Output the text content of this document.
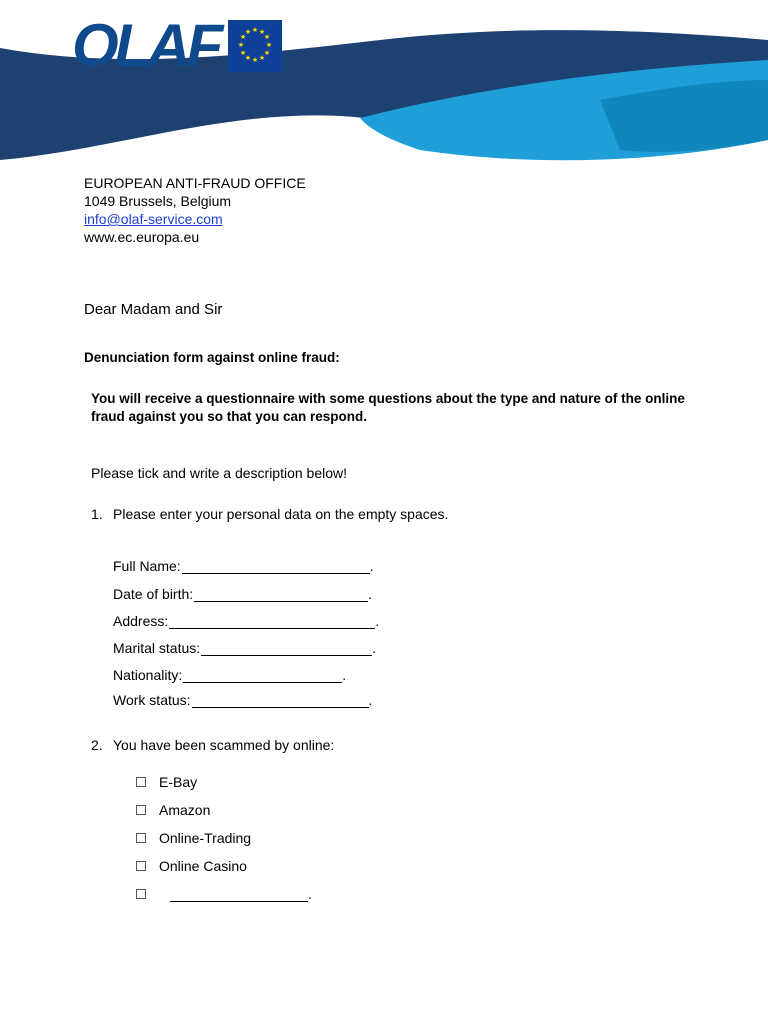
OLAF	★ ★
★
★
★
★
★
★
★
★
★
★
EUROPEAN ANTI-FRAUD OFFICE
1049 Brussels, Belgium
info@olaf-service.com
www.ec.europa.eu
Dear Madam and Sir
Denunciation form against online fraud:
You will receive a questionnaire with some questions about the type and nature of the online fraud against you so that you can respond.
Please tick and write a description below!
1. Please enter your personal data on the empty spaces.
Full Name:	.
Date of birth:	.
Address:	.
Marital status:	.
Nationality:	.
Work status:	.
2. You have been scammed by online:
E-Bay
Amazon
Online-Trading
Online Casino
.
